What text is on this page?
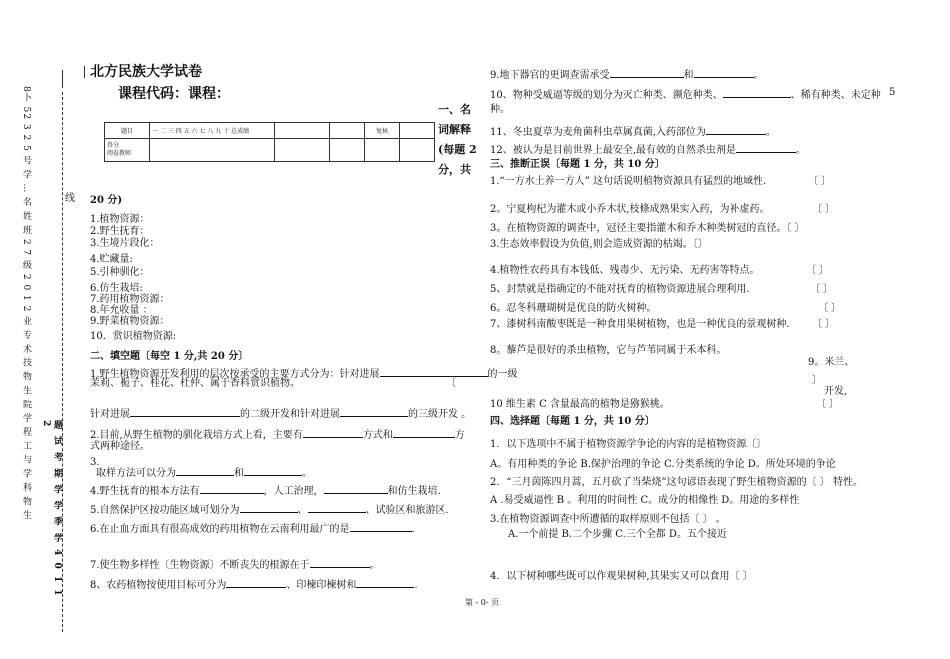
8卜 52 3 2 5 号 学 … 名 姓 班 2 7 级 2 0 1 2 业 专 术 技 物 生 院 学 程 工 与 学 科 物 生	线
题 试 考 期 学 学 季 学 4 0 1 1 2
北方民族大学试卷
课程代码：课程：
题目	一 二 三 四 五 六 七 八 九 十 总成绩			复核	
得分
阅卷教师					
一、名
词解释
(每题 2
分，共
20 分)
1.植物资源：
2.野生抚育：
3.生境片段化：
4.贮藏量:
5.引种驯化：
6.仿生栽培:
7.药用植物资源：
8.年允收量 ：
9.野菜植物资源：
10．赏识植物资源:
二、填空题〔每空 1 分,共 20 分〕
1.野生植物资源开发利用的层次按承受的主要方式分为：针对进展	的一级
茉莉、栀子、桂花、杜仲、属于香料赏识植物。	〔
针对进展	的二级开发和针对进展	的三级开发 。
2.目前,从野生植物的驯化栽培方式上看，主要有	方式和	方
式两种途径。
3.
取样方法可以分为	和	。
4.野生抚育的根本方法有	，人工治理，	和仿生栽培.
5.自然保护区按功能区域可划分为	、	、试验区和旅游区.
6.在止血方面具有很高成效的药用植物在云南利用最广的是	.
7.使生物多样性〔生物资源〕不断丧失的根源在于	。
8、农药植物按使用目标可分为	、印楝印楝树和	.
9.地下器官的更调查需承受	和	。
10、物种受威逼等级的划分为灭亡种类、濒危种类、	、稀有种类、未定种 5
种。
11、冬虫夏草为麦角菌科虫草属真菌,入药部位为	。
12、被认为是目前世界上最安全,最有效的自然杀虫剂是	。
三、推断正误〔每题 1 分，共 10 分〕
1.“一方水土养一方人” 这句话说明植物资源具有猛烈的地域性.	〔 〕
2。宁夏枸杞为灌木或小乔木状,枝條成熟果实入药，为补虚药。	〔 〕
3。在植物资源的调查中，冠径主要指灌木和乔木种类树冠的直径。〔 〕
3.生态效率假设为负值,则会造成资源的枯竭。〔〕
4.植物性农药具有本钱低、残毒少、无污染、无药害等特点。	〔 〕
5、封禁就是指确定的不能对抚育的植物资源进展合理利用.	〔 〕
6。忍冬科珊瑚树是优良的防火树种。	〔 〕
7、漆树科南酸枣既是一种食用果树植物，也是一种优良的景观树种. 〔 〕
8。藜芦是很好的杀虫植物，它与芦苇同属于禾本科。
9。米兰、
〕
开发,
10 维生素 C 含量最高的植物是猕猴桃。	〔 〕
四、选择题〔每题 1 分，共 10 分〕
1．以下选项中不属于植物资源学争论的内容的是植物资源〔〕
A。有用种类的争论 B.保护治理的争论 C.分类系统的争论 D。所处环境的争论
2．“三月茵陈四月蒿，五月砍了当柴烧”这句谚语表现了野生植物资源的〔 〕 特性。
A .易受威逼性 B 。利用的时间性 C。成分的相像性 D。用途的多样性
3.在植物资源调查中所遭循的取样原则不包括〔 〕 。
A.一个前提 B.二个步骤 C.三个全都 D。五个接近
4．以下树种哪些既可以作观果树种,其果实又可以食用〔 〕
第 - 0- 页
